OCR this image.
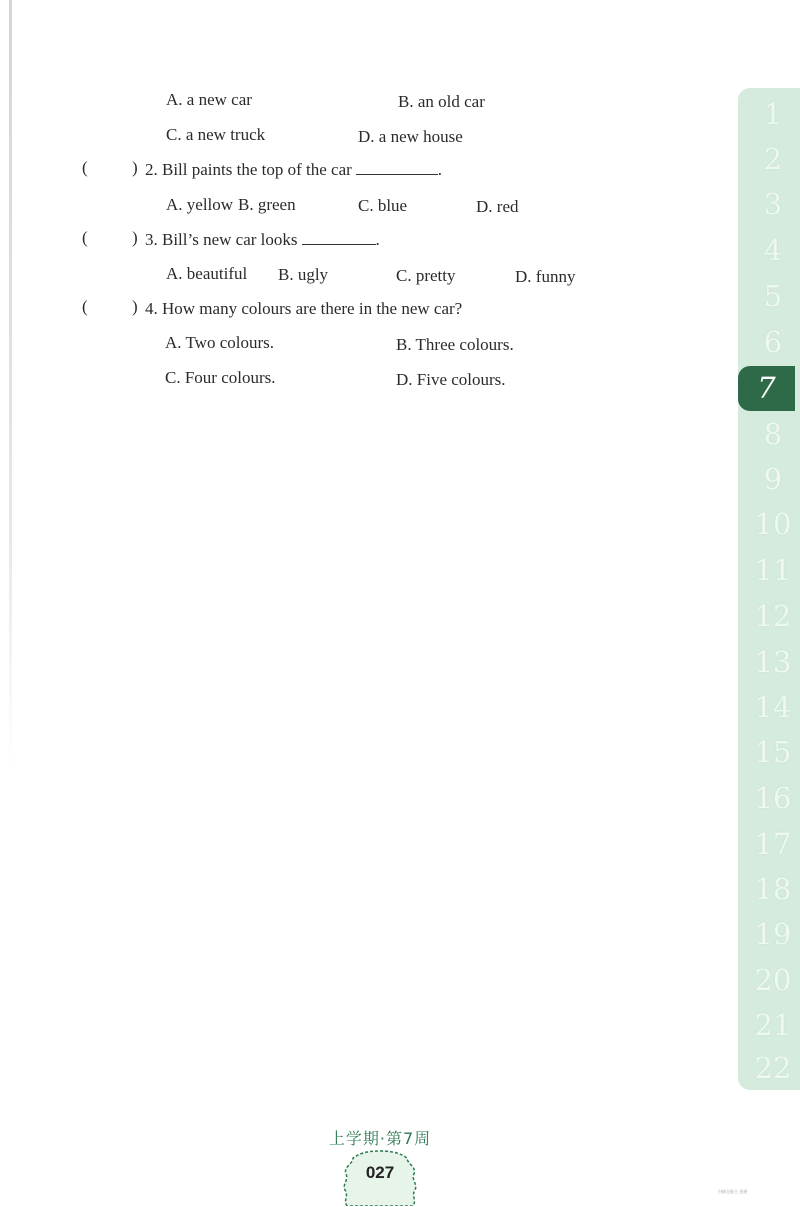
A. a new car	B. an old car
C. a new truck	D. a new house
(	) 2. Bill paints the top of the car	.
A. yellow B. green	C. blue	D. red
(	) 3. Bill’s new car looks	.
A. beautiful B. ugly	C. pretty	D. funny
(	) 4. How many colours are there in the new car?
A. Two colours.	B. Three colours.
C. Four colours.	D. Five colours.
1
2
3
4
5
6
7
8
9
10
11
12
13
14
15
16
17
18
19
20
21
22
上学期·第7周
027
扫描全能王 创建
